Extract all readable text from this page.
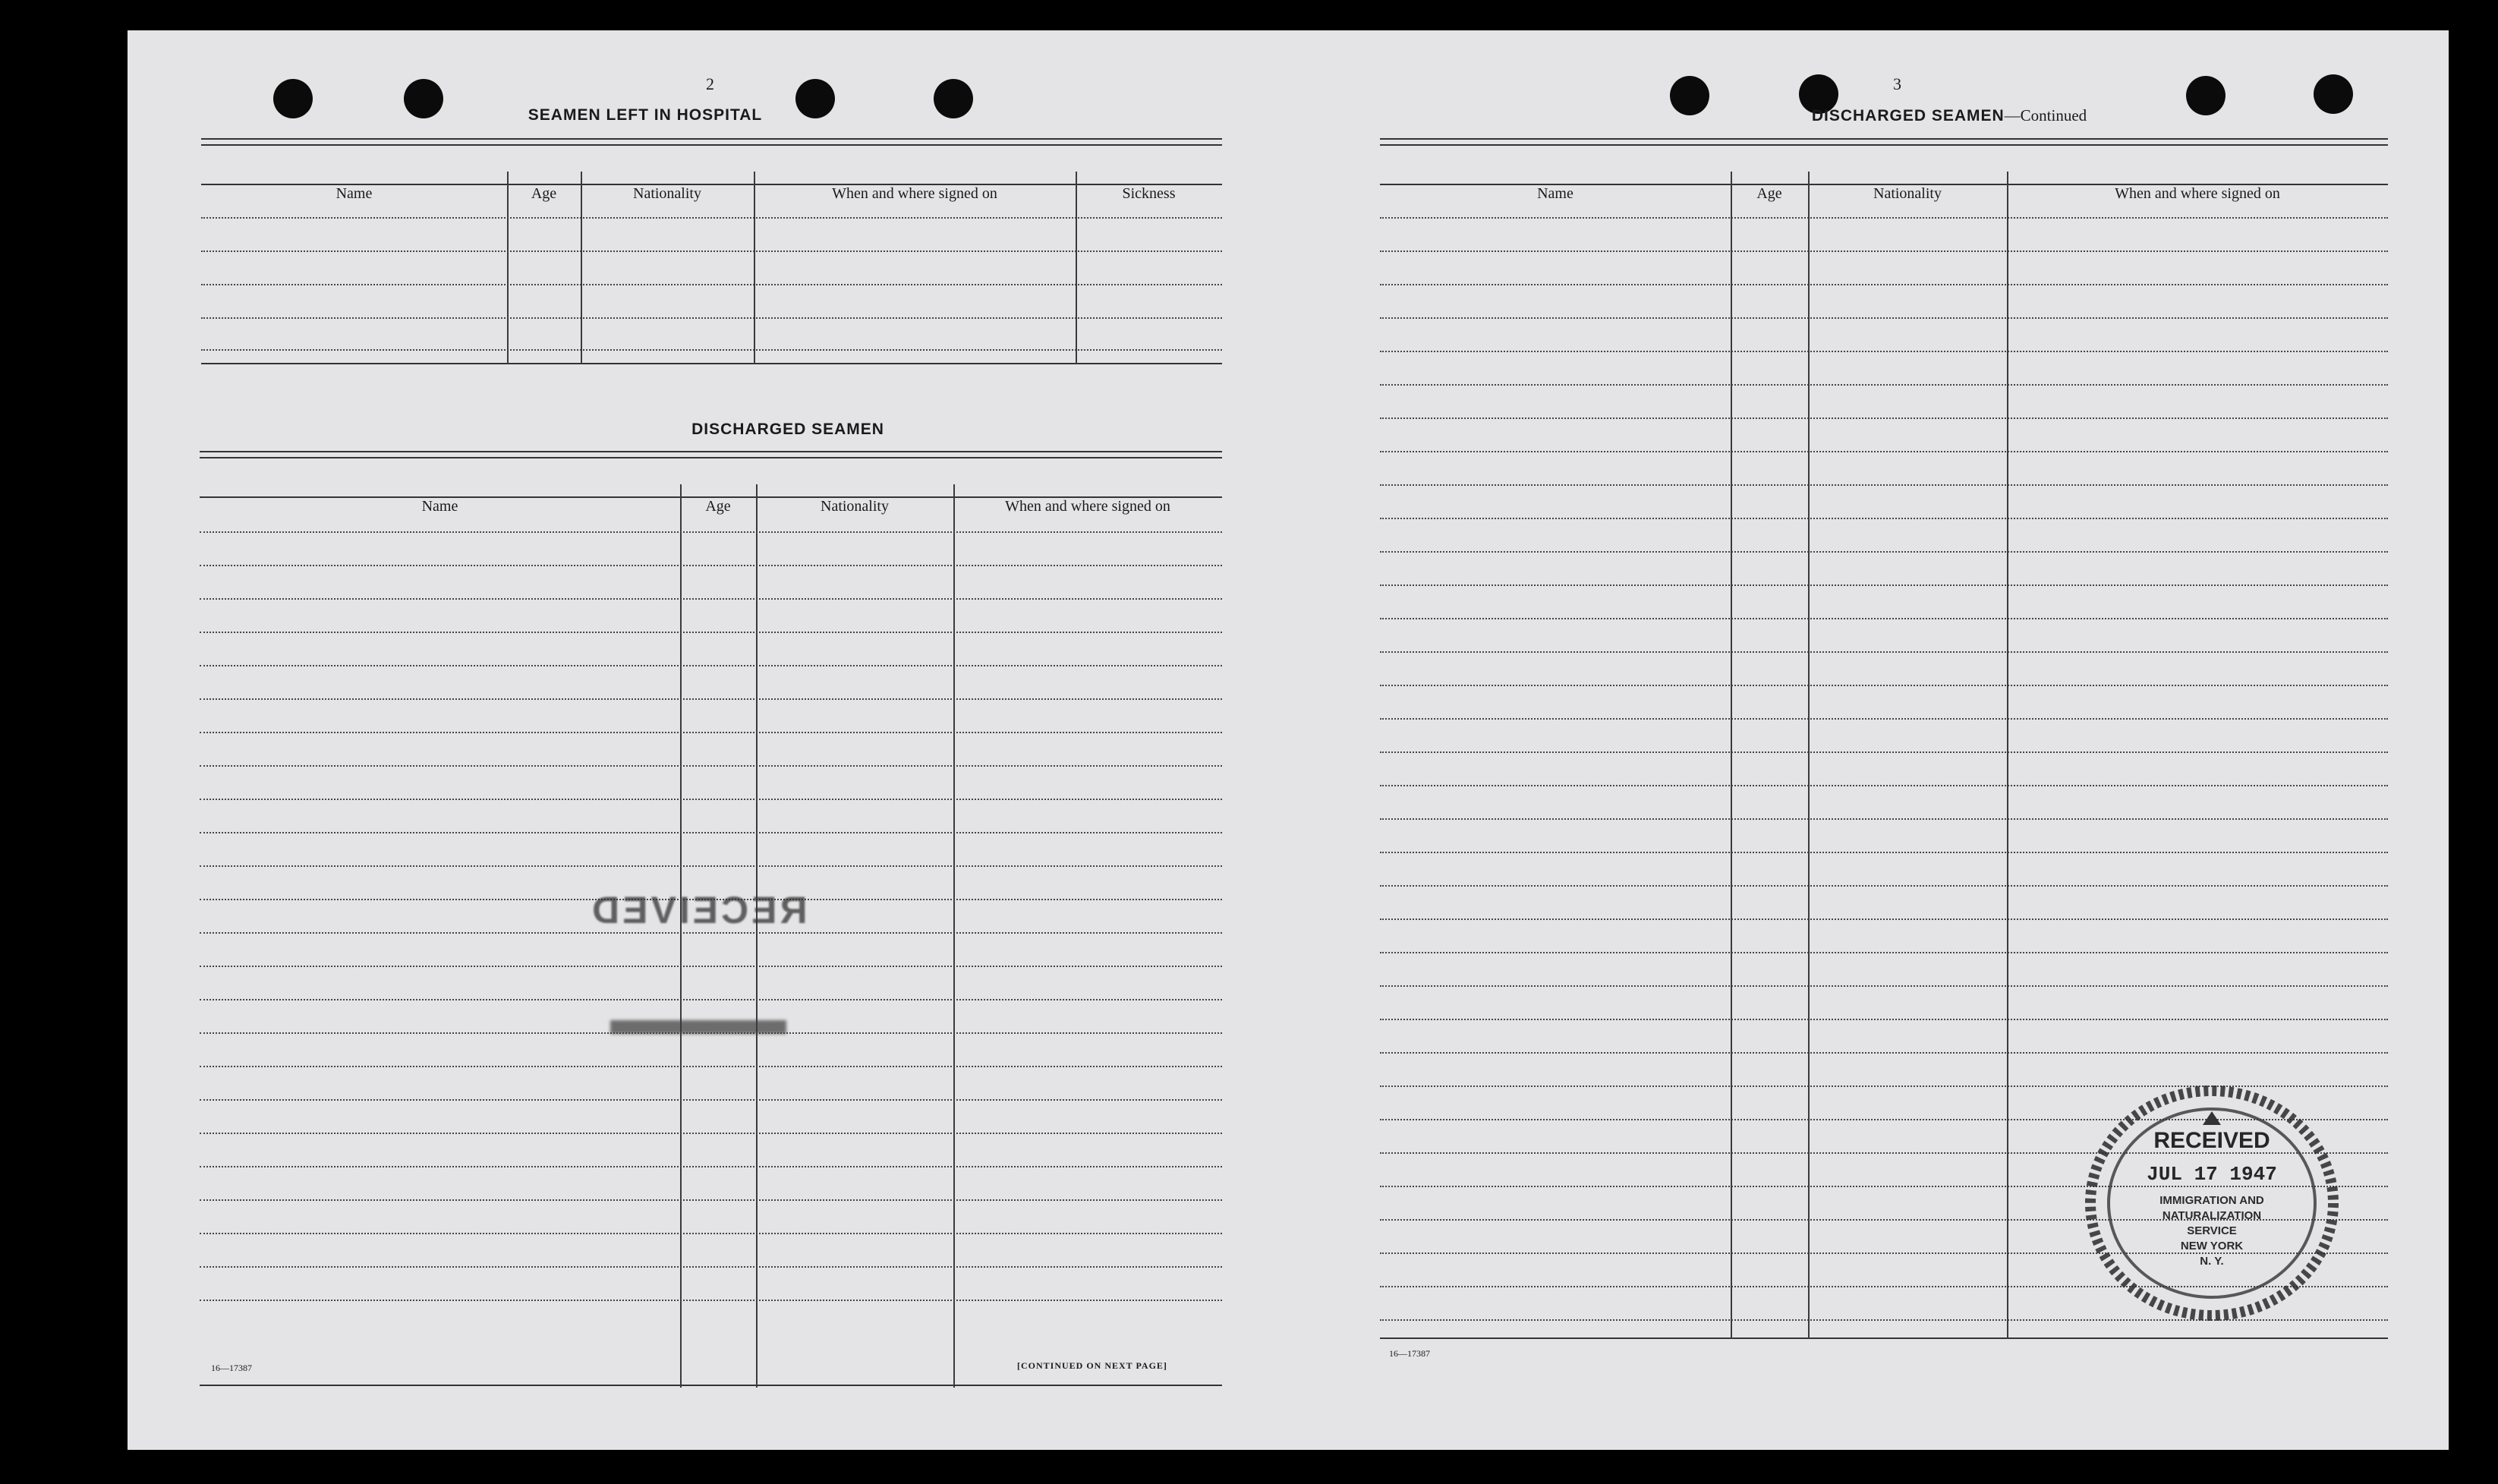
2
SEAMEN LEFT IN HOSPITAL
Name	Age	Nationality	When and where signed on	Sickness
DISCHARGED SEAMEN
Name	Age	Nationality	When and where signed on
RECEIVED
16—17387	[CONTINUED ON NEXT PAGE]
3
DISCHARGED SEAMEN—Continued
Name	Age	Nationality	When and where signed on
16—17387
RECEIVED
JUL 17 1947
IMMIGRATION AND
NATURALIZATION
SERVICE
NEW YORK
N. Y.
